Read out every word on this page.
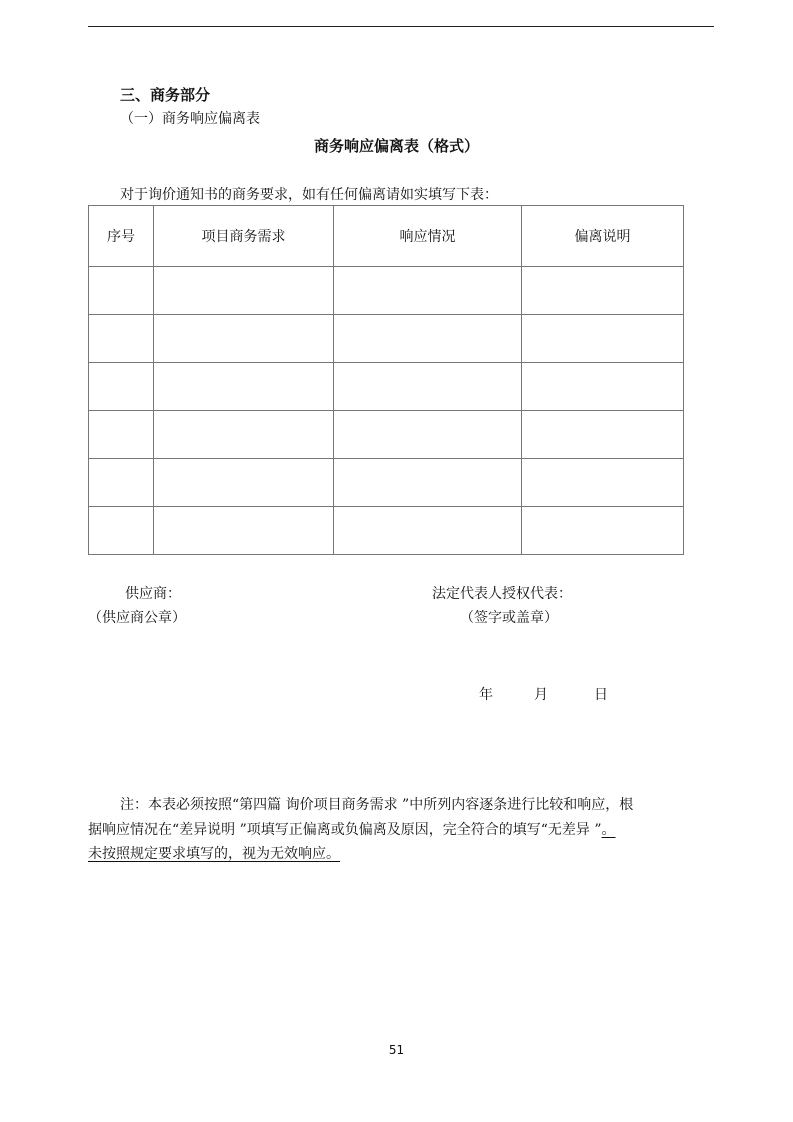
三、商务部分
（一）商务响应偏离表
商务响应偏离表（格式）
对于询价通知书的商务要求，如有任何偏离请如实填写下表：
序号	项目商务需求	响应情况	偏离说明

供应商：
（供应商公章）
法定代表人授权代表：
（签字或盖章）
年	月	日
注：本表必须按照“第四篇 询价项目商务需求 ”中所列内容逐条进行比较和响应，根
据响应情况在“差异说明 ”项填写正偏离或负偏离及原因，完全符合的填写“无差异 ”。
未按照规定要求填写的，视为无效响应。
51
